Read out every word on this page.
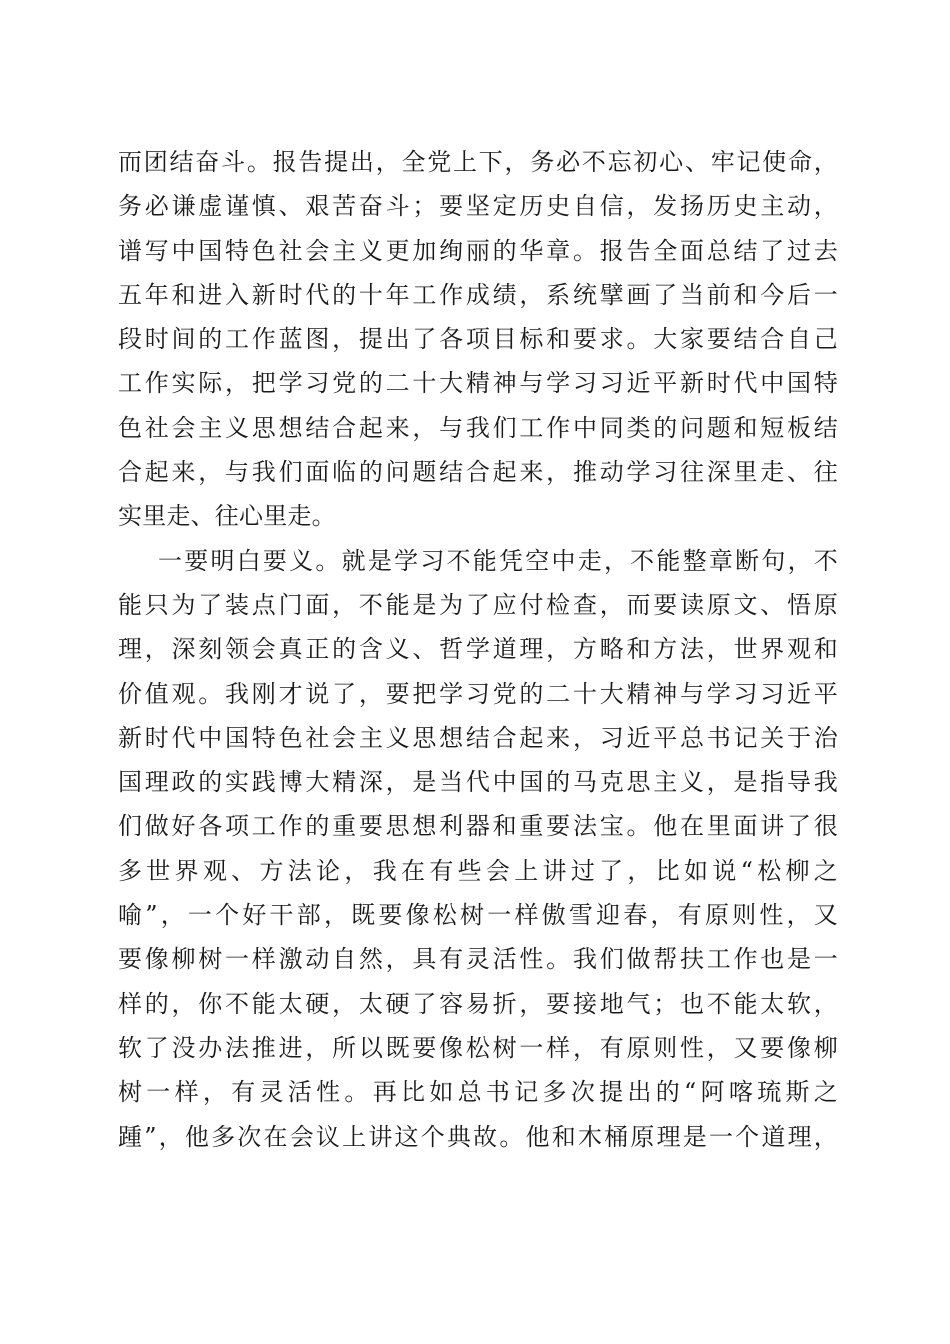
而团结奋斗。报告提出，全党上下，务必不忘初心、牢记使命，
务必谦虚谨慎、艰苦奋斗；要坚定历史自信，发扬历史主动，
谱写中国特色社会主义更加绚丽的华章。报告全面总结了过去
五年和进入新时代的十年工作成绩，系统擘画了当前和今后一
段时间的工作蓝图，提出了各项目标和要求。大家要结合自己
工作实际，把学习党的二十大精神与学习习近平新时代中国特
色社会主义思想结合起来，与我们工作中同类的问题和短板结
合起来，与我们面临的问题结合起来，推动学习往深里走、往
实里走、往心里走。
一要明白要义。就是学习不能凭空中走，不能整章断句，不
能只为了装点门面，不能是为了应付检查，而要读原文、悟原
理，深刻领会真正的含义、哲学道理，方略和方法，世界观和
价值观。我刚才说了，要把学习党的二十大精神与学习习近平
新时代中国特色社会主义思想结合起来，习近平总书记关于治
国理政的实践博大精深，是当代中国的马克思主义，是指导我
们做好各项工作的重要思想利器和重要法宝。他在里面讲了很
多世界观、方法论，我在有些会上讲过了，比如说“松柳之
喻”，一个好干部，既要像松树一样傲雪迎春，有原则性，又
要像柳树一样激动自然，具有灵活性。我们做帮扶工作也是一
样的，你不能太硬，太硬了容易折，要接地气；也不能太软，
软了没办法推进，所以既要像松树一样，有原则性，又要像柳
树一样，有灵活性。再比如总书记多次提出的“阿喀琉斯之
踵”，他多次在会议上讲这个典故。他和木桶原理是一个道理，
